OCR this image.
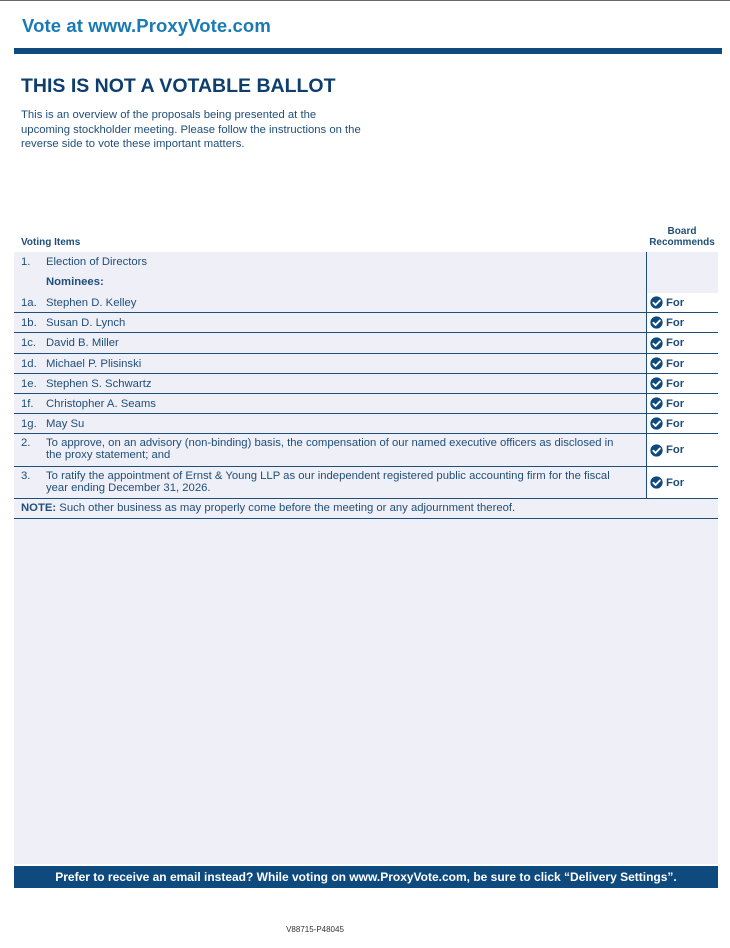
Vote at www.ProxyVote.com
THIS IS NOT A VOTABLE BALLOT
This is an overview of the proposals being presented at the upcoming stockholder meeting. Please follow the instructions on the reverse side to vote these important matters.
Voting Items
Board
Recommends
1.	Election of Directors
Nominees:
1a. Stephen D. Kelley	For
1b. Susan D. Lynch	For
1c. David B. Miller	For
1d. Michael P. Plisinski	For
1e. Stephen S. Schwartz	For
1f.	Christopher A. Seams	For
1g. May Su	For
2.	To approve, on an advisory (non-binding) basis, the compensation of our named executive officers as disclosed in the proxy statement; and	For
3.	To ratify the appointment of Ernst & Young LLP as our independent registered public accounting firm for the fiscal year ending December 31, 2026.	For
NOTE: Such other business as may properly come before the meeting or any adjournment thereof.
Prefer to receive an email instead? While voting on www.ProxyVote.com, be sure to click “Delivery Settings”.
V88715-P48045
